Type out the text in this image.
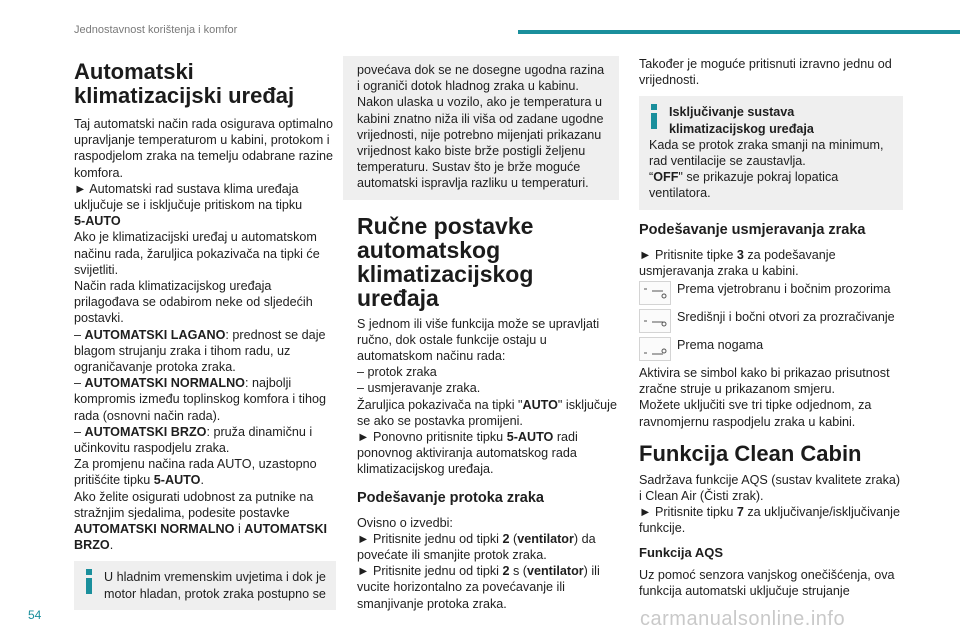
Jednostavnost korištenja i komfor
Automatski klimatizacijski uređaj

Taj automatski način rada osigurava optimalno upravljanje temperaturom u kabini, protokom i raspodjelom zraka na temelju odabrane razine komfora.

► Automatski rad sustava klima uređaja uključuje se i isključuje pritiskom na tipku
5-AUTO

Ako je klimatizacijski uređaj u automatskom načinu rada, žaruljica pokazivača na tipki će svijetliti.

Način rada klimatizacijskog uređaja prilagođava se odabirom neke od sljedećih postavki.

– AUTOMATSKI LAGANO: prednost se daje blagom strujanju zraka i tihom radu, uz ograničavanje protoka zraka.

– AUTOMATSKI NORMALNO: najbolji kompromis između toplinskog komfora i tihog rada (osnovni način rada).

– AUTOMATSKI BRZO: pruža dinamičnu i učinkovitu raspodjelu zraka.

Za promjenu načina rada AUTO, uzastopno pritišćite tipku 5-AUTO.

Ako želite osigurati udobnost za putnike na stražnjim sjedalima, podesite postavke AUTOMATSKI NORMALNO i AUTOMATSKI BRZO.

U hladnim vremenskim uvjetima i dok je motor hladan, protok zraka postupno se

povećava dok se ne dosegne ugodna razina i ograniči dotok hladnog zraka u kabinu. Nakon ulaska u vozilo, ako je temperatura u kabini znatno niža ili viša od zadane ugodne vrijednosti, nije potrebno mijenjati prikazanu vrijednost kako biste brže postigli željenu temperaturu. Sustav što je brže moguće automatski ispravlja razliku u temperaturi.

Ručne postavke automatskog klimatizacijskog uređaja

S jednom ili više funkcija može se upravljati ručno, dok ostale funkcije ostaju u automatskom načinu rada:

– protok zraka

– usmjeravanje zraka.

Žaruljica pokazivača na tipki "AUTO" isključuje se ako se postavka promijeni.

► Ponovno pritisnite tipku 5-AUTO radi ponovnog aktiviranja automatskog rada klimatizacijskog uređaja.

Podešavanje protoka zraka

Ovisno o izvedbi:

► Pritisnite jednu od tipki 2 (ventilator) da povećate ili smanjite protok zraka.

► Pritisnite jednu od tipki 2 s (ventilator) ili vucite horizontalno za povećavanje ili smanjivanje protoka zraka.

Također je moguće pritisnuti izravno jednu od vrijednosti.

Isključivanje sustava klimatizacijskog uređaja

Kada se protok zraka smanji na minimum, rad ventilacije se zaustavlja.

“OFF" se prikazuje pokraj lopatica ventilatora.

Podešavanje usmjeravanja zraka

► Pritisnite tipke 3 za podešavanje usmjeravanja zraka u kabini.

Prema vjetrobranu i bočnim prozorima
Središnji i bočni otvori za prozračivanje
Prema nogama

Aktivira se simbol kako bi prikazao prisutnost zračne struje u prikazanom smjeru.

Možete uključiti sve tri tipke odjednom, za ravnomjernu raspodjelu zraka u kabini.

Funkcija Clean Cabin

Sadržava funkcije AQS (sustav kvalitete zraka) i Clean Air (Čisti zrak).

► Pritisnite tipku 7 za uključivanje/isključivanje funkcije.

Funkcija AQS

Uz pomoć senzora vanjskog onečišćenja, ova funkcija automatski uključuje strujanje

54	carmanualsonline.info
